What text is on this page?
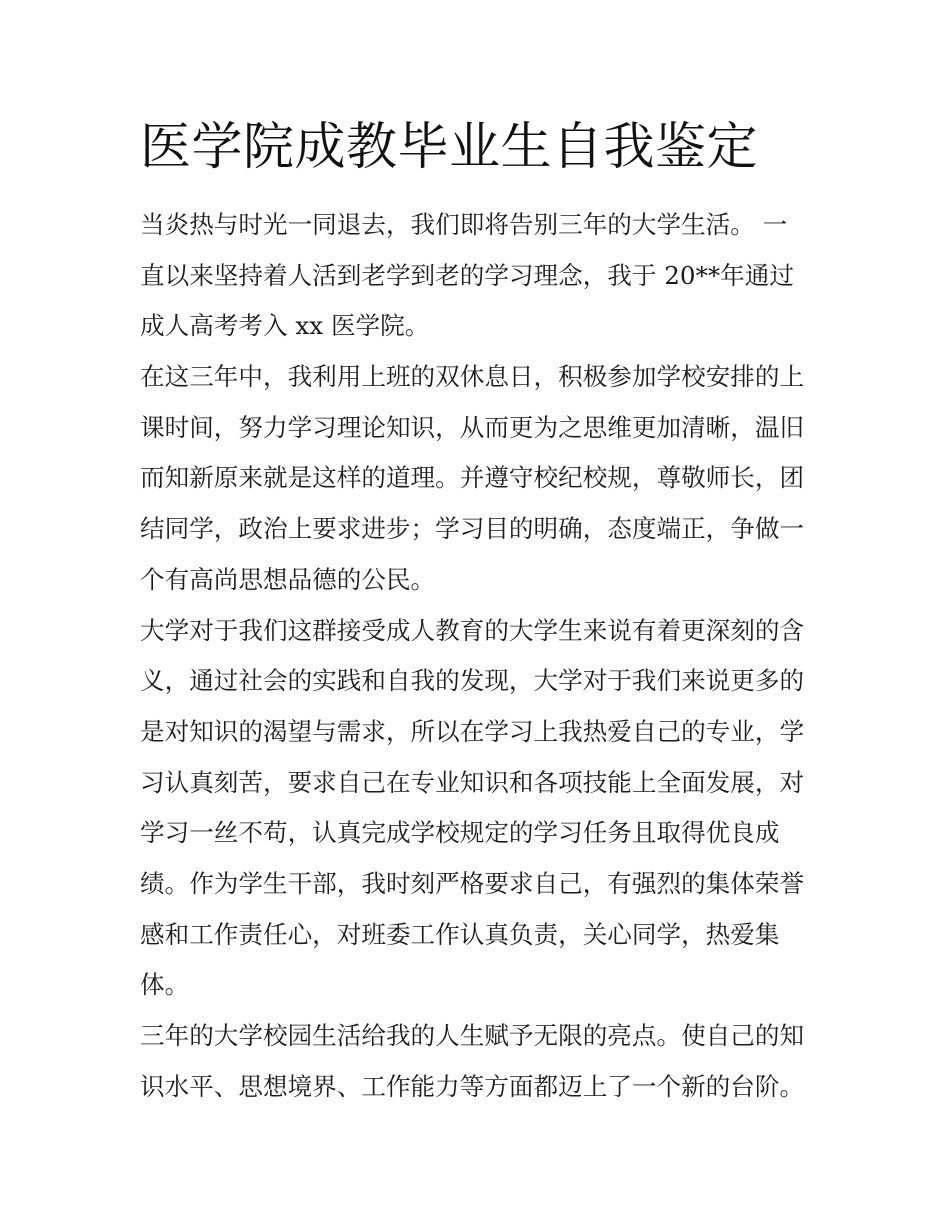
医学院成教毕业生自我鉴定
当炎热与时光一同退去，我们即将告别三年的大学生活。 一
直以来坚持着人活到老学到老的学习理念，我于 20**年通过
成人高考考入 xx 医学院。
在这三年中，我利用上班的双休息日，积极参加学校安排的上
课时间，努力学习理论知识，从而更为之思维更加清晰，温旧
而知新原来就是这样的道理。并遵守校纪校规，尊敬师长，团
结同学，政治上要求进步；学习目的明确，态度端正，争做一
个有高尚思想品德的公民。
大学对于我们这群接受成人教育的大学生来说有着更深刻的含
义，通过社会的实践和自我的发现，大学对于我们来说更多的
是对知识的渴望与需求，所以在学习上我热爱自己的专业，学
习认真刻苦，要求自己在专业知识和各项技能上全面发展，对
学习一丝不苟，认真完成学校规定的学习任务且取得优良成
绩。作为学生干部，我时刻严格要求自己，有强烈的集体荣誉
感和工作责任心，对班委工作认真负责，关心同学，热爱集
体。
三年的大学校园生活给我的人生赋予无限的亮点。使自己的知
识水平、思想境界、工作能力等方面都迈上了一个新的台阶。
